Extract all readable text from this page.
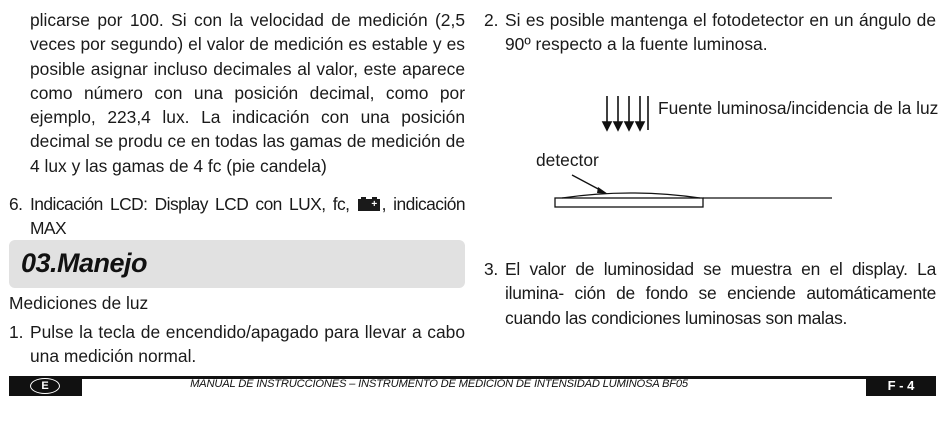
plicarse por 100. Si con la velocidad de medición (2,5 veces por segundo) el valor de medición es estable y es posible asignar incluso decimales al valor, este aparece como número con una posición decimal, como por ejemplo, 223,4 lux. La indicación con una posición decimal se produ ce en todas las gamas de medición de 4 lux y las gamas de 4 fc (pie candela)

6. Indicación LCD: Display LCD con LUX, fc, + , indicación MAX
03.Manejo
Mediciones de luz
1. Pulse la tecla de encendido/apagado para llevar a cabo una medición normal.
2. Si es posible mantenga el fotodetector en un ángulo de 90º respecto a la fuente luminosa.
3. El valor de luminosidad se muestra en el display. La ilumina- ción de fondo se enciende automáticamente cuando las condiciones luminosas son malas.
Fuente luminosa/incidencia de la luz
detector
E	MANUAL DE INSTRUCCIONES – INSTRUMENTO DE MEDICIÓN DE INTENSIDAD LUMINOSA BF05	F - 4
